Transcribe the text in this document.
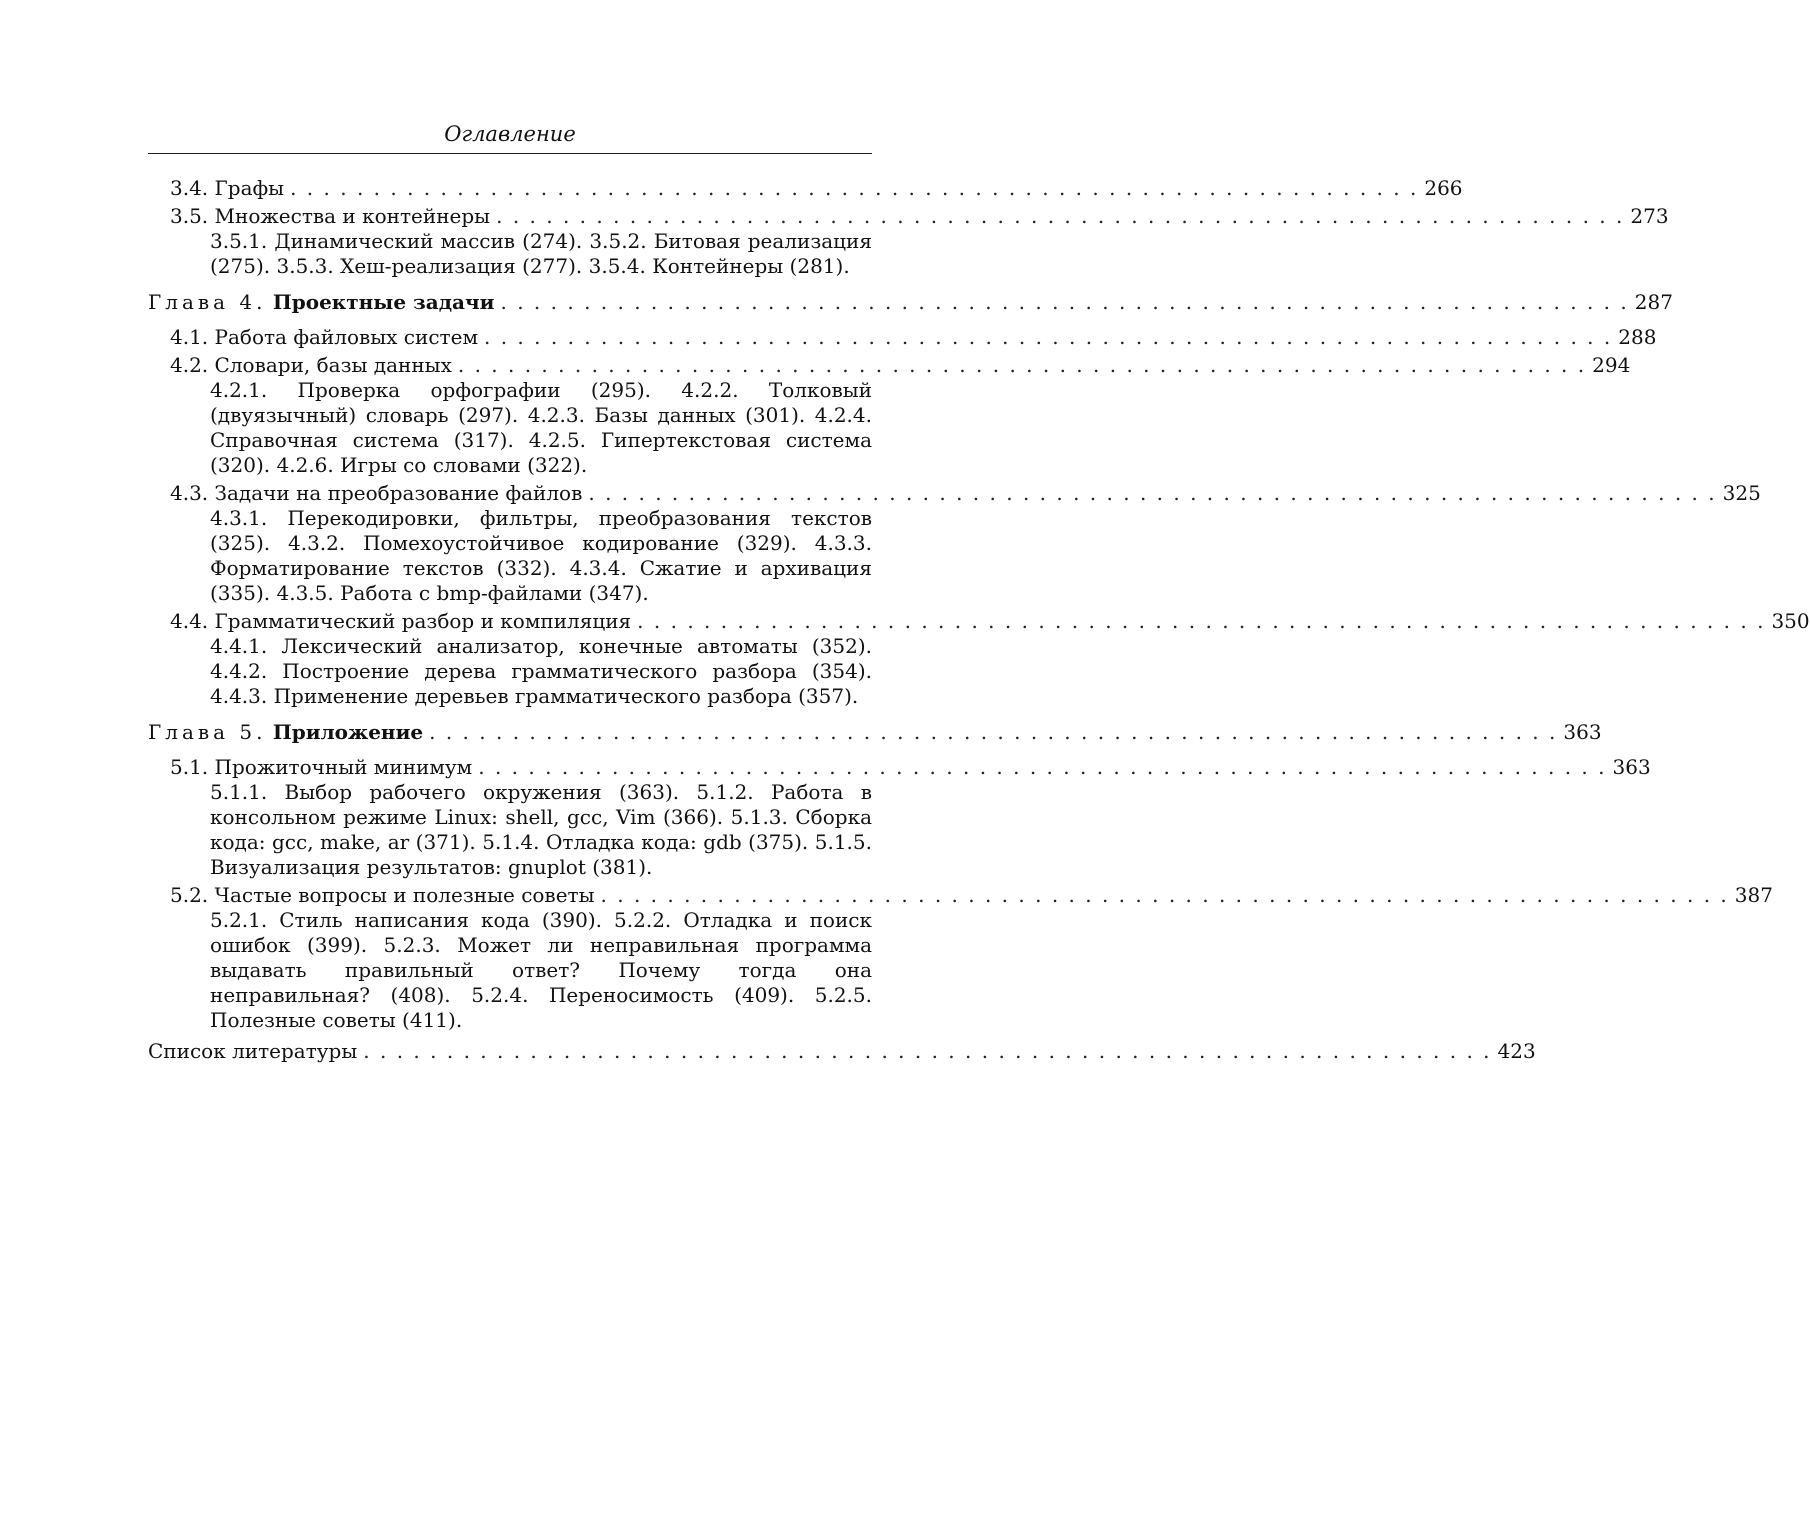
Оглавление
3.4. Графы . . . . . . . . . . . . . . . . . . . . . . . . . . . . . . . . . . . . . . . . . . . . . . . . . . . . . . . . . . . . . . . . . . . . 266
3.5. Множества и контейнеры . . . . . . . . . . . . . . . . . . . . . . . . . . . . . . . . . . . . . . . . . . . . . . . . . . . . . . . . . . . . . . . . . . . . 273
3.5.1. Динамический массив (274). 3.5.2. Битовая реализация (275). 3.5.3. Хеш-реализация (277). 3.5.4. Контейнеры (281).
Глава 4. Проектные задачи . . . . . . . . . . . . . . . . . . . . . . . . . . . . . . . . . . . . . . . . . . . . . . . . . . . . . . . . . . . . . . . . . . . . 287
4.1. Работа файловых систем . . . . . . . . . . . . . . . . . . . . . . . . . . . . . . . . . . . . . . . . . . . . . . . . . . . . . . . . . . . . . . . . . . . . 288
4.2. Словари, базы данных . . . . . . . . . . . . . . . . . . . . . . . . . . . . . . . . . . . . . . . . . . . . . . . . . . . . . . . . . . . . . . . . . . . . 294
4.2.1. Проверка орфографии (295). 4.2.2. Толковый (двуязычный) словарь (297). 4.2.3. Базы данных (301). 4.2.4. Справочная система (317). 4.2.5. Гипертекстовая система (320). 4.2.6. Игры со словами (322).
4.3. Задачи на преобразование файлов . . . . . . . . . . . . . . . . . . . . . . . . . . . . . . . . . . . . . . . . . . . . . . . . . . . . . . . . . . . . . . . . . . . . 325
4.3.1. Перекодировки, фильтры, преобразования текстов (325). 4.3.2. Помехоустойчивое кодирование (329). 4.3.3. Форматирование текстов (332). 4.3.4. Сжатие и архивация (335). 4.3.5. Работа с bmp-файлами (347).
4.4. Грамматический разбор и компиляция . . . . . . . . . . . . . . . . . . . . . . . . . . . . . . . . . . . . . . . . . . . . . . . . . . . . . . . . . . . . . . . . . . . . 350
4.4.1. Лексический анализатор, конечные автоматы (352). 4.4.2. Построение дерева грамматического разбора (354). 4.4.3. Применение деревьев грамматического разбора (357).
Глава 5. Приложение . . . . . . . . . . . . . . . . . . . . . . . . . . . . . . . . . . . . . . . . . . . . . . . . . . . . . . . . . . . . . . . . . . . . 363
5.1. Прожиточный минимум . . . . . . . . . . . . . . . . . . . . . . . . . . . . . . . . . . . . . . . . . . . . . . . . . . . . . . . . . . . . . . . . . . . . 363
5.1.1. Выбор рабочего окружения (363). 5.1.2. Работа в консольном режиме Linux: shell, gcc, Vim (366). 5.1.3. Сборка кода: gcc, make, ar (371). 5.1.4. Отладка кода: gdb (375). 5.1.5. Визуализация результатов: gnuplot (381).
5.2. Частые вопросы и полезные советы . . . . . . . . . . . . . . . . . . . . . . . . . . . . . . . . . . . . . . . . . . . . . . . . . . . . . . . . . . . . . . . . . . . . 387
5.2.1. Стиль написания кода (390). 5.2.2. Отладка и поиск ошибок (399). 5.2.3. Может ли неправильная программа выдавать правильный ответ? Почему тогда она неправильная? (408). 5.2.4. Переносимость (409). 5.2.5. Полезные советы (411).
Список литературы . . . . . . . . . . . . . . . . . . . . . . . . . . . . . . . . . . . . . . . . . . . . . . . . . . . . . . . . . . . . . . . . . . . . 423
